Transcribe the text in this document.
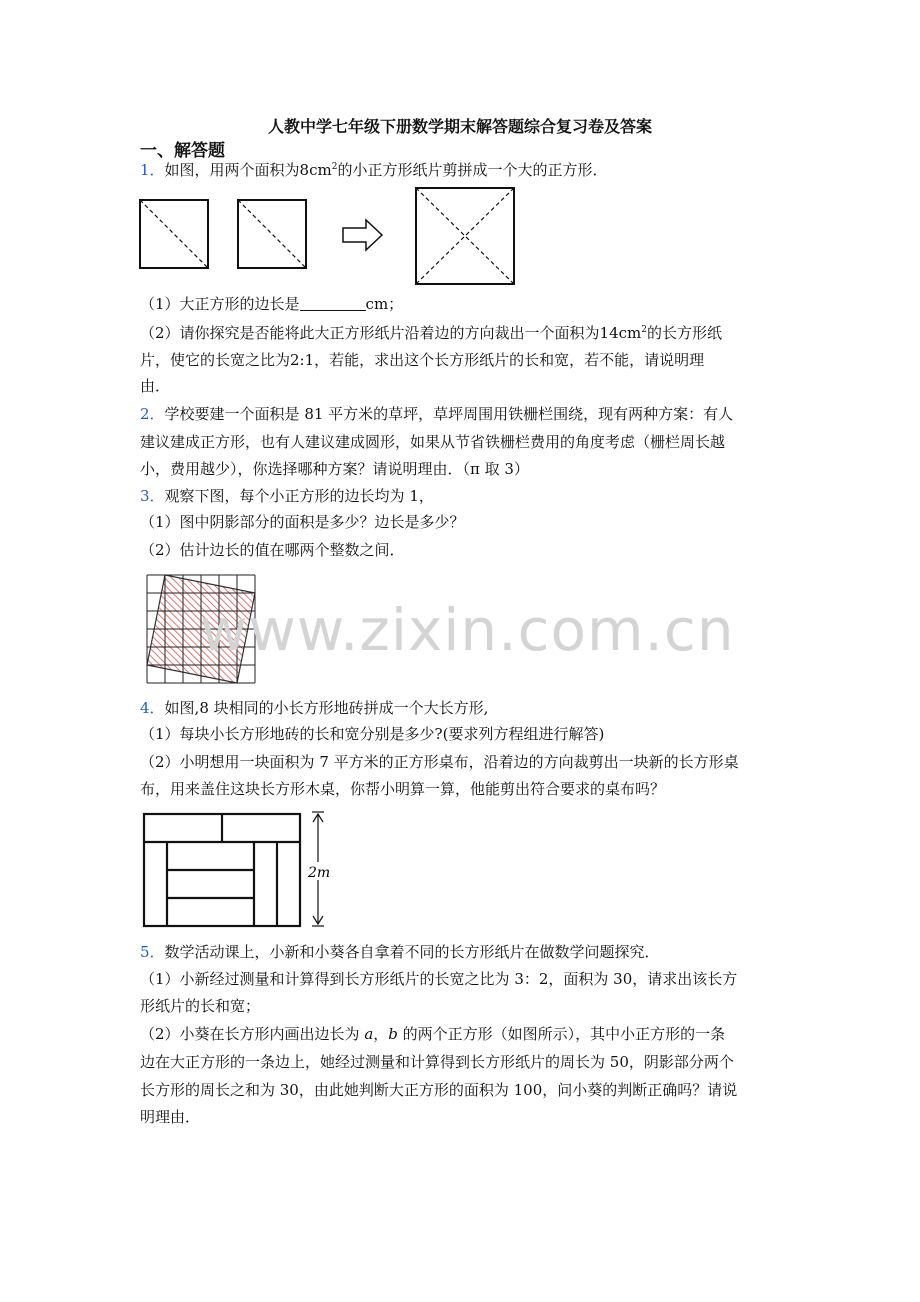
人教中学七年级下册数学期末解答题综合复习卷及答案
一、解答题
1．如图，用两个面积为$8cm^2$的小正方形纸片剪拼成一个大的正方形．
（1）大正方形的边长是	cm；
（2）请你探究是否能将此大正方形纸片沿着边的方向裁出一个面积为$14cm^2$的长方形纸
片，使它的长宽之比为2:1，若能，求出这个长方形纸片的长和宽，若不能，请说明理
由．
2．学校要建一个面积是 81 平方米的草坪，草坪周围用铁栅栏围绕，现有两种方案：有人
建议建成正方形，也有人建议建成圆形，如果从节省铁栅栏费用的角度考虑（栅栏周长越
小，费用越少），你选择哪种方案？请说明理由．（π 取 3）
3．观察下图，每个小正方形的边长均为 1，
（1）图中阴影部分的面积是多少？边长是多少？
（2）估计边长的值在哪两个整数之间．
www.zixin.com.cn
4．如图,8 块相同的小长方形地砖拼成一个大长方形,
（1）每块小长方形地砖的长和宽分别是多少?(要求列方程组进行解答)
（2）小明想用一块面积为 7 平方米的正方形桌布，沿着边的方向裁剪出一块新的长方形桌
布，用来盖住这块长方形木桌，你帮小明算一算，他能剪出符合要求的桌布吗？
2m
5．数学活动课上，小新和小葵各自拿着不同的长方形纸片在做数学问题探究．
（1）小新经过测量和计算得到长方形纸片的长宽之比为 3：2，面积为 30，请求出该长方
形纸片的长和宽；
（2）小葵在长方形内画出边长为 a，b 的两个正方形（如图所示），其中小正方形的一条
边在大正方形的一条边上，她经过测量和计算得到长方形纸片的周长为 50，阴影部分两个
长方形的周长之和为 30，由此她判断大正方形的面积为 100，问小葵的判断正确吗？请说
明理由．
